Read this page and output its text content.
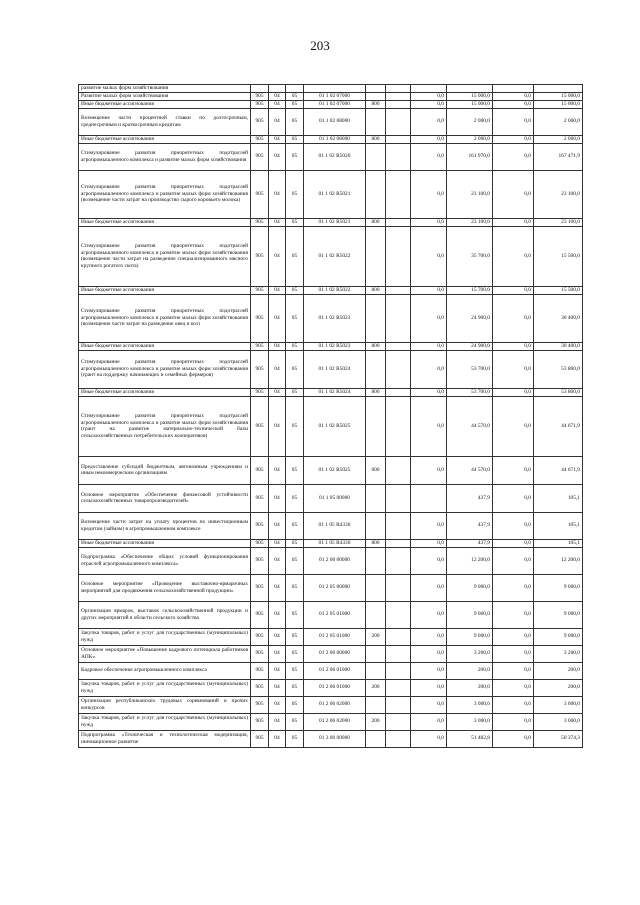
203
развитие малых форм хозяйствования										
Развитие малых форм хозяйствования	905	04	05	01 1 02 07000			0,0	15 000,0	0,0	15 000,0
Иные бюджетные ассигнования	905	04	05	01 1 02 07000	800		0,0	15 000,0	0,0	15 000,0
Возмещение части процентной ставки по долгосрочным, среднесрочным и краткосрочным кредитам	905	04	05	01 1 02 08000			0,0	2 000,0	0,0	2 000,0
Иные бюджетные ассигнования	905	04	05	01 1 02 08000	800		0,0	2 000,0	0,0	2 000,0
Стимулирование развития приоритетных подотраслей агропромышленного комплекса и развитие малых форм хозяйствования	905	04	05	01 1 02 R5020			0,0	161 970,0	0,0	167 471,9
Стимулирование развития приоритетных подотраслей агропромышленного комплекса и развитие малых форм хозяйствования (возмещение части затрат на производство сырого коровьего молока)	905	04	05	01 1 02 R5021			0,0	23 100,0	0,0	23 100,0
Иные бюджетные ассигнования	905	04	05	01 1 02 R5021	800		0,0	23 100,0	0,0	23 100,0
Стимулирование развития приоритетных подотраслей агропромышленного комплекса и развитие малых форм хозяйствования (возмещение части затрат на разведение специализированного мясного крупного рогатого скота)	905	04	05	01 1 02 R5022			0,0	35 700,0	0,0	15 500,0
Иные бюджетные ассигнования	905	04	05	01 1 02 R5022	800		0,0	15 700,0	0,0	15 500,0
Стимулирование развития приоритетных подотраслей агропромышленного комплекса и развитие малых форм хозяйствования (возмещение части затрат на разведение овец и коз)	905	04	05	01 1 02 R5023			0,0	24 900,0	0,0	30 400,0
Иные бюджетные ассигнования	905	04	05	01 1 02 R5023	800		0,0	24 900,0	0,0	30 400,0
Стимулирование развития приоритетных подотраслей агропромышленного комплекса и развитие малых форм хозяйствования (грант на поддержку начинающих и семейных фермеров)	905	04	05	01 1 02 R5024			0,0	53 700,0	0,0	53 800,0
Иные бюджетные ассигнования	905	04	05	01 1 02 R5024	800		0,0	53 700,0	0,0	53 800,0
Стимулирование развития приоритетных подотраслей агропромышленного комплекса и развитие малых форм хозяйствования (грант на развитие материально-технической базы сельскохозяйственных потребительских кооперативов)	905	04	05	01 1 02 R5025			0,0	44 570,0	0,0	44 671,9
Предоставление субсидий бюджетным, автономным учреждениям и иным некоммерческим организациям	905	04	05	01 1 02 R5025	600		0,0	44 570,0	0,0	44 671,9
Основное мероприятие «Обеспечение финансовой устойчивости сельскохозяйственных товаропроизводителей»	905	04	05	01 1 05 00000				437,9	0,0	105,1
Возмещение части затрат на уплату процентов по инвестиционным кредитам (займам) в агропромышленном комплексе	905	04	05	01 1 05 R4330			0,0	437,9	0,0	105,1
Иные бюджетные ассигнования	905	04	05	01 1 05 R4330	800		0,0	437,9	0,0	105,1
Подпрограмма «Обеспечение общих условий функционирования отраслей агропромышленного комплекса»	905	04	05	01 2 00 00000			0,0	12 200,0	0,0	12 200,0
Основное мероприятие «Проведение выставочно-ярмарочных мероприятий для продвижения сельскохозяйственной продукции»	905	04	05	01 2 05 00000			0,0	9 000,0	0,0	9 000,0
Организация ярмарок, выставок сельскохозяйственной продукции и других мероприятий в области сельского хозяйства	905	04	05	01 2 05 01000			0,0	9 000,0	0,0	9 000,0
Закупка товаров, работ и услуг для государственных (муниципальных) нужд	905	04	05	01 2 05 01000	200		0,0	9 000,0	0,0	9 000,0
Основное мероприятие «Повышение кадрового потенциала работников АПК»	905	04	05	01 2 06 00000			0,0	3 200,0	0,0	3 200,0
Кадровое обеспечение агропромышленного комплекса	905	04	05	01 2 06 01000			0,0	200,0	0,0	200,0
Закупка товаров, работ и услуг для государственных (муниципальных) нужд	905	04	05	01 2 06 01000	200		0,0	200,0	0,0	200,0
Организация республиканских трудовых соревнований и прочих конкурсов	905	04	05	01 2 06 02000			0,0	3 000,0	0,0	3 000,0
Закупка товаров, работ и услуг для государственных (муниципальных) нужд	905	04	05	01 2 06 02000	200		0,0	3 000,0	0,0	3 000,0
Подпрограмма «Техническая и технологическая модернизация, инновационное развитие	905	04	05	01 3 00 00000			0,0	51 482,8	0,0	50 374,3
